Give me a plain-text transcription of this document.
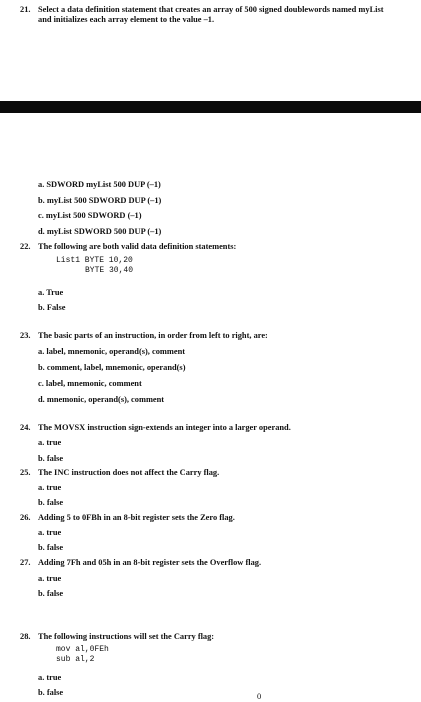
21. Select a data definition statement that creates an array of 500 signed doublewords named myList
and initializes each array element to the value –1.
a. SDWORD myList 500 DUP (–1)
b. myList 500 SDWORD DUP (–1)
c. myList 500 SDWORD (–1)
d. myList SDWORD 500 DUP (–1)
22. The following are both valid data definition statements:
List1 BYTE 10,20
BYTE 30,40
a. True
b. False
23. The basic parts of an instruction, in order from left to right, are:
a. label, mnemonic, operand(s), comment
b. comment, label, mnemonic, operand(s)
c. label, mnemonic, comment
d. mnemonic, operand(s), comment
24. The MOVSX instruction sign-extends an integer into a larger operand.
a. true
b. false
25. The INC instruction does not affect the Carry flag.
a. true
b. false
26. Adding 5 to 0FBh in an 8-bit register sets the Zero flag.
a. true
b. false
27. Adding 7Fh and 05h in an 8-bit register sets the Overflow flag.
a. true
b. false
28. The following instructions will set the Carry flag:
mov al,0FEh
sub al,2
a. true
b. false	0
